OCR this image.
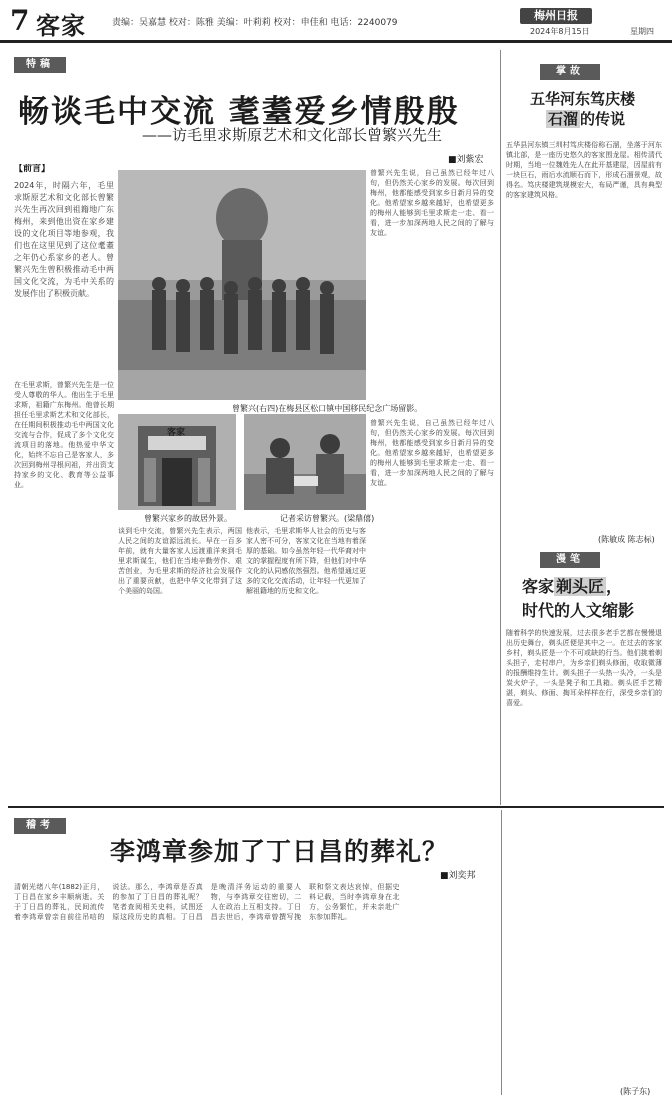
7 客家	责编：吴嘉慧 校对：陈雅 美编：叶莉莉 校对：申佳和 电话：2240079
梅州日报
2024年8月15日	星期四
特稿
畅谈毛中交流 耄耋爱乡情殷殷
——访毛里求斯原艺术和文化部长曾繁兴先生
■刘紫宏
【前言】
2024年，时隔六年，毛里求斯原艺术和文化部长曾繁兴先生再次回到祖籍地广东梅州，来到他出资在家乡建设的文化项目等地参观，我们也在这里见到了这位耄耋之年仍心系家乡的老人。曾繁兴先生曾积极推动毛中两国文化交流，为毛中关系的发展作出了积极贡献。
曾繁兴(右四)在梅县区松口镇中国移民纪念广场留影。
曾繁兴先生说，自己虽然已经年过八旬，但仍然关心家乡的发展。每次回到梅州，他都能感受到家乡日新月异的变化。他希望家乡越来越好，也希望更多的梅州人能够到毛里求斯走一走、看一看，进一步加深两地人民之间的了解与友谊。
客家
曾繁兴家乡的故居外景。	记者采访曾繁兴。(梁鼎僖)
在毛里求斯，曾繁兴先生是一位受人尊敬的华人。他出生于毛里求斯，祖籍广东梅州。他曾长期担任毛里求斯艺术和文化部长，在任期间积极推动毛中两国文化交流与合作，促成了多个文化交流项目的落地。他热爱中华文化，始终不忘自己是客家人，多次回到梅州寻根问祖，并出资支持家乡的文化、教育等公益事业。
谈到毛中交流，曾繁兴先生表示，两国人民之间的友谊源远流长。早在一百多年前，就有大量客家人远渡重洋来到毛里求斯谋生，他们在当地辛勤劳作、艰苦创业，为毛里求斯的经济社会发展作出了重要贡献，也把中华文化带到了这个美丽的岛国。
他表示，毛里求斯华人社会的历史与客家人密不可分，客家文化在当地有着深厚的基础。如今虽然年轻一代华裔对中文的掌握程度有所下降，但他们对中华文化的认同感依然强烈。他希望通过更多的文化交流活动，让年轻一代更加了解祖籍地的历史和文化。
曾繁兴先生说，自己虽然已经年过八旬，但仍然关心家乡的发展。每次回到梅州，他都能感受到家乡日新月异的变化。他希望家乡越来越好，也希望更多的梅州人能够到毛里求斯走一走、看一看，进一步加深两地人民之间的了解与友谊。
掌故
五华河东笃庆楼
石溜 的传说
五华县河东镇三圳村笃庆楼俗称石溜，坐落于河东镇北部，是一座历史悠久的客家围龙屋。相传清代时期，当地一位魏姓先人在此开基建屋，因屋前有一块巨石，雨后水流顺石而下，形成石溜景观，故得名。笃庆楼建筑规模宏大，布局严谨，具有典型的客家建筑风格。
(陈敏成 陈志标)
漫笔
客家 剃头匠 ，
时代的人文缩影
随着科学的快速发展，过去很多老手艺都在慢慢退出历史舞台，剃头匠便是其中之一。在过去的客家乡村，剃头匠是一个不可或缺的行当。他们挑着剃头担子，走村串户，为乡亲们剃头修面，收取微薄的报酬维持生计。剃头担子一头热一头冷，一头是炭火炉子，一头是凳子和工具箱。剃头匠手艺精湛，剃头、修面、掏耳朵样样在行，深受乡亲们的喜爱。
(陈子东)
稽考
李鸿章参加了丁日昌的葬礼？
■刘奕邦
清朝光绪八年(1882)正月，丁日昌在家乡丰顺病逝。关于丁日昌的葬礼，民间流传着李鸿章曾亲自前往吊唁的说法。那么，李鸿章是否真的参加了丁日昌的葬礼呢？笔者查阅相关史料，试图还原这段历史的真相。丁日昌是晚清洋务运动的重要人物，与李鸿章交往密切，二人在政治上互相支持。丁日昌去世后，李鸿章曾撰写挽联和祭文表达哀悼，但据史料记载，当时李鸿章身在北方，公务繁忙，并未亲赴广东参加葬礼。
